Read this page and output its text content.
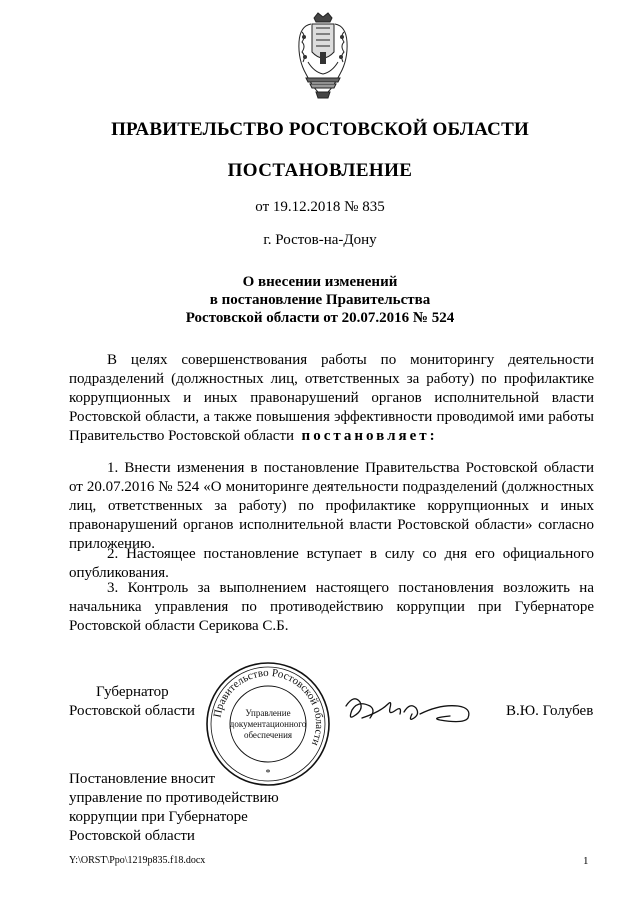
ПРАВИТЕЛЬСТВО РОСТОВСКОЙ ОБЛАСТИ
ПОСТАНОВЛЕНИЕ
от 19.12.2018 № 835
г. Ростов-на-Дону
О внесении изменений
в постановление Правительства
Ростовской области от 20.07.2016 № 524
В целях совершенствования работы по мониторингу деятельности подразделений (должностных лиц, ответственных за работу) по профилактике коррупционных и иных правонарушений органов исполнительной власти Ростовской области, а также повышения эффективности проводимой ими работы Правительство Ростовской области постановляет:
1. Внести изменения в постановление Правительства Ростовской области от 20.07.2016 № 524 «О мониторинге деятельности подразделений (должностных лиц, ответственных за работу) по профилактике коррупционных и иных правонарушений органов исполнительной власти Ростовской области» согласно приложению.
2. Настоящее постановление вступает в силу со дня его официального опубликования.
3. Контроль за выполнением настоящего постановления возложить на начальника управления по противодействию коррупции при Губернаторе Ростовской области Серикова С.Б.
Губернатор
Ростовской области	В.Ю. Голубев
Правительство Ростовской области
Управление
документационного
обеспечения
*
Постановление вносит
управление по противодействию
коррупции при Губернаторе
Ростовской области
Y:\ORST\Ppo\1219p835.f18.docx	1
